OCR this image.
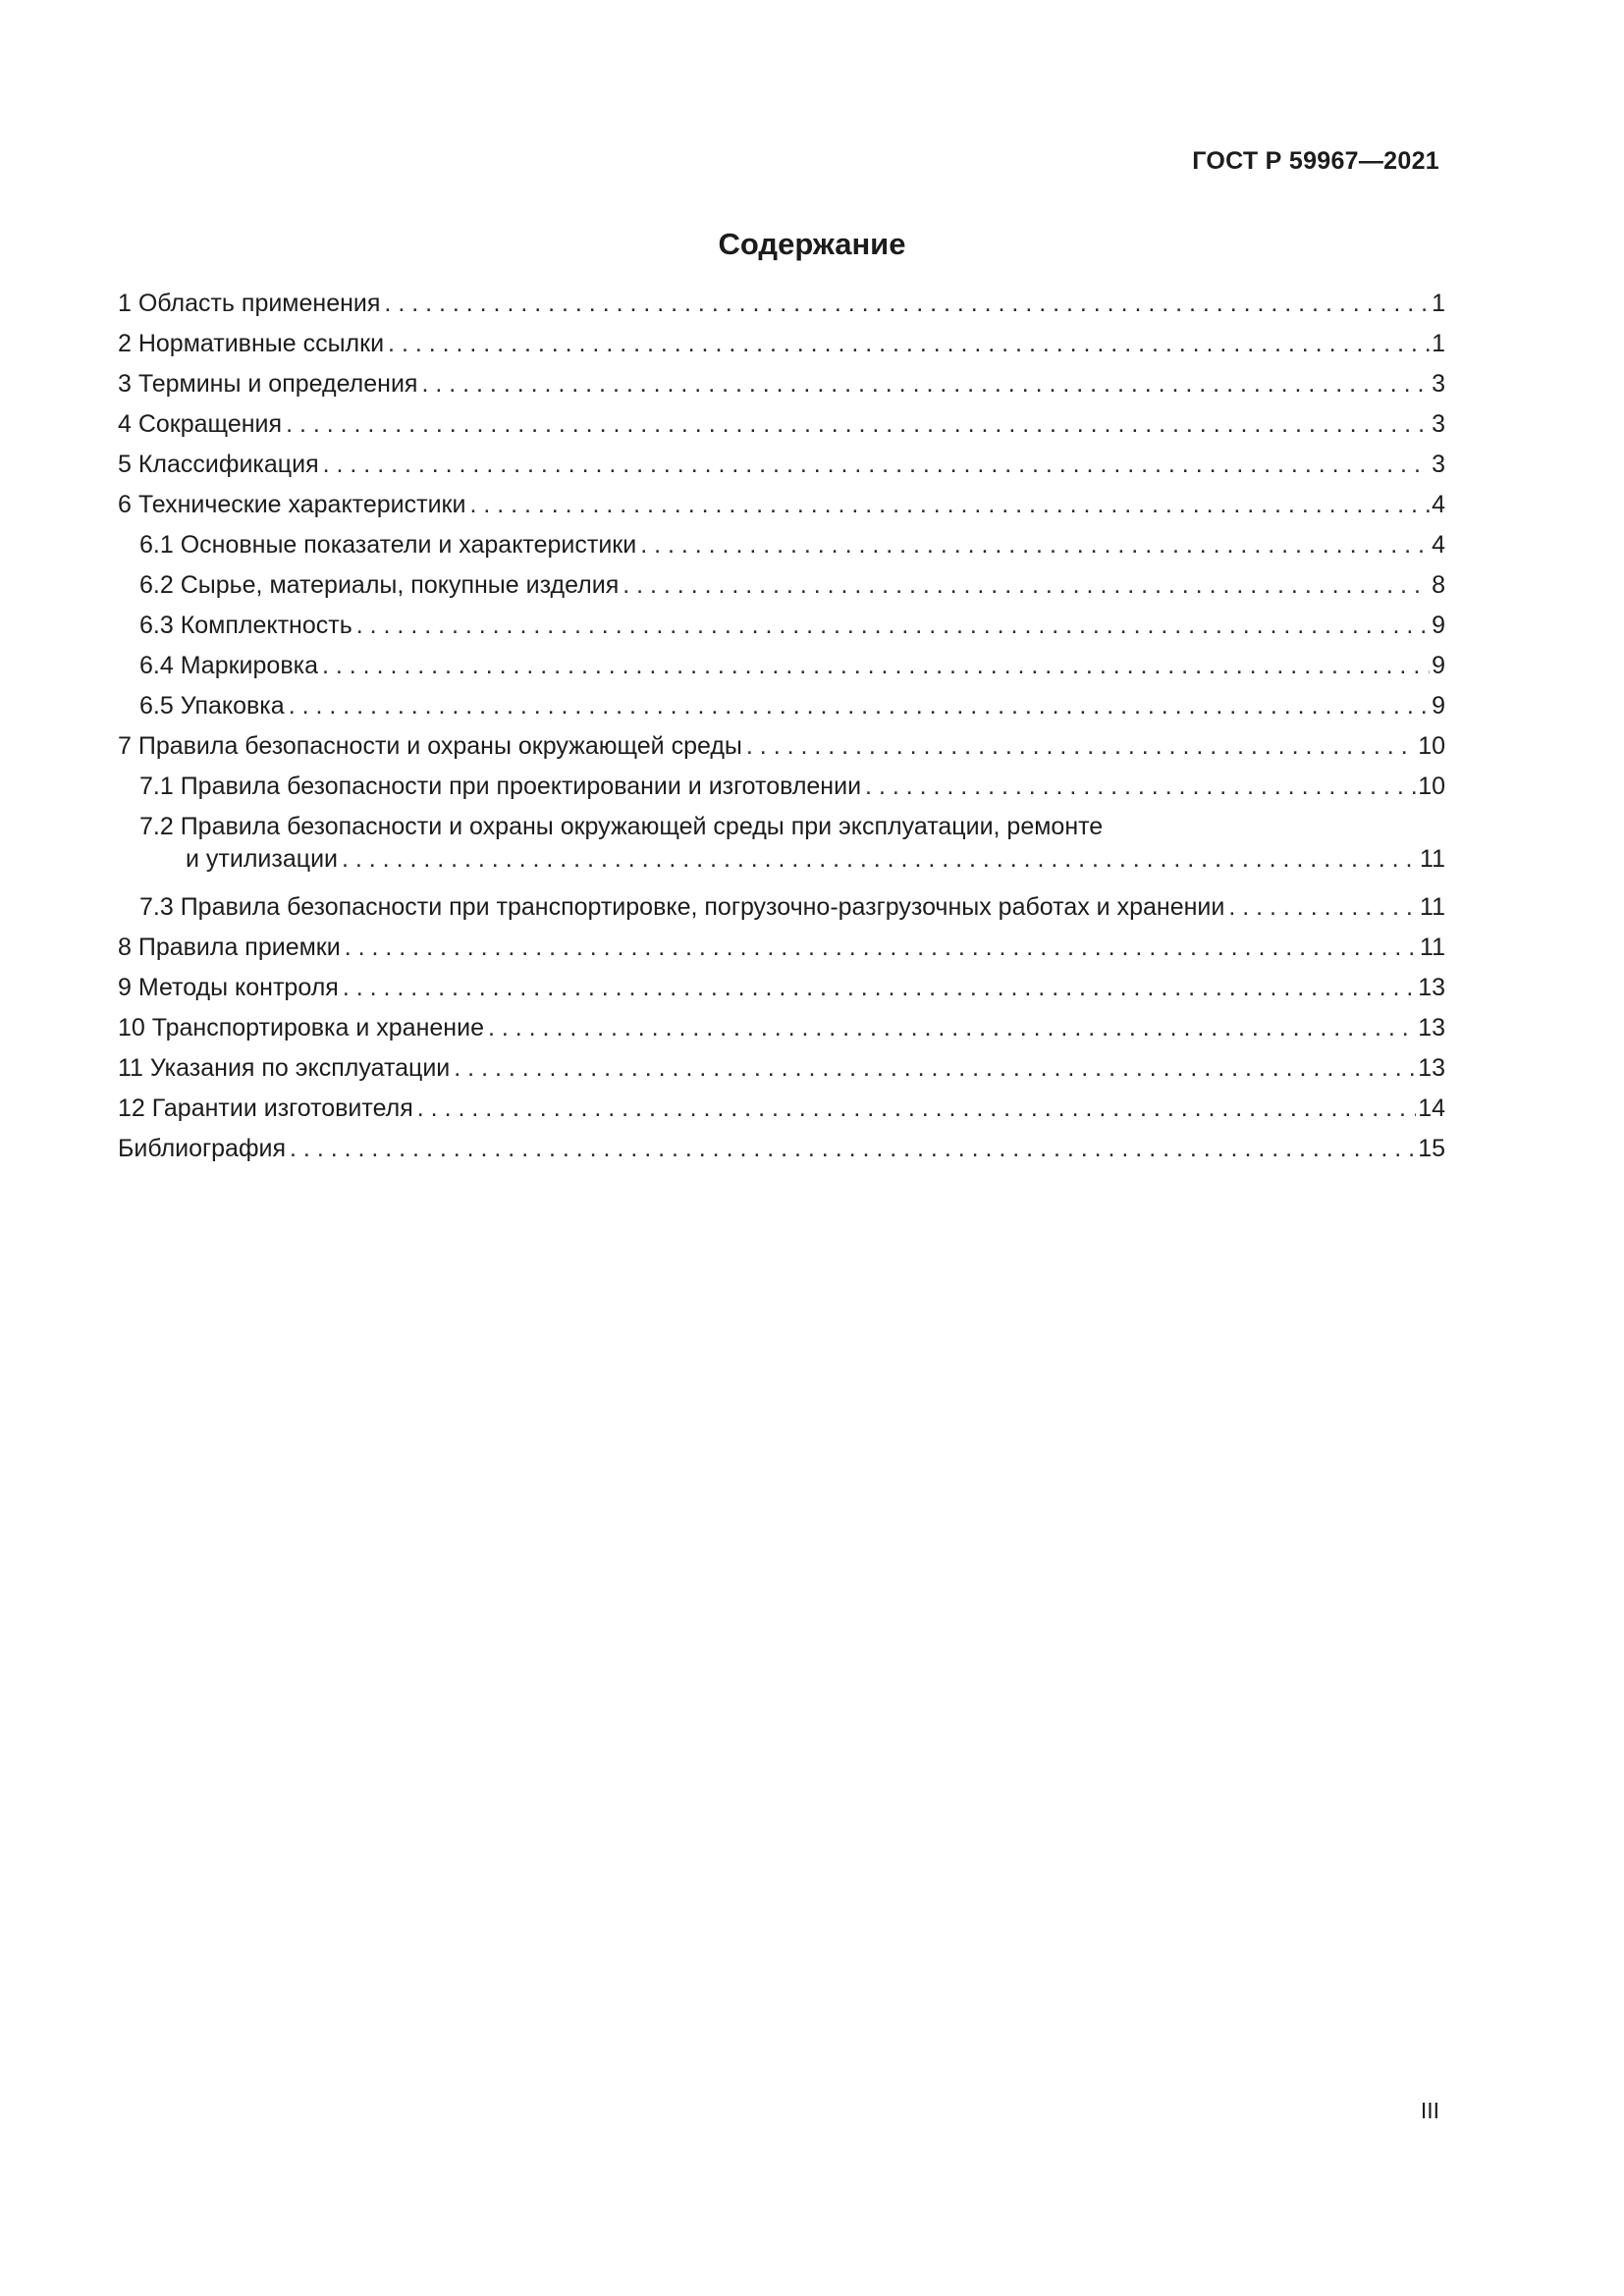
ГОСТ Р 59967—2021
Содержание
1 Область применения . . .	1
2 Нормативные ссылки . . .	1
3 Термины и определения . . .	3
4 Сокращения . . .	3
5 Классификация . . .	3
6 Технические характеристики . . .	4
6.1 Основные показатели и характеристики . . .	4
6.2 Сырье, материалы, покупные изделия . . .	8
6.3 Комплектность . . .	9
6.4 Маркировка . . .	9
6.5 Упаковка . . .	9
7 Правила безопасности и охраны окружающей среды . . .	10
7.1 Правила безопасности при проектировании и изготовлении . . .	10
7.2 Правила безопасности и охраны окружающей среды при эксплуатации, ремонте
и утилизации . . .	11
7.3 Правила безопасности при транспортировке, погрузочно-разгрузочных работах и хранении . . .	11
8 Правила приемки . . .	11
9 Методы контроля . . .	13
10 Транспортировка и хранение . . .	13
11 Указания по эксплуатации . . .	13
12 Гарантии изготовителя . . .	14
Библиография . . .	15
III
